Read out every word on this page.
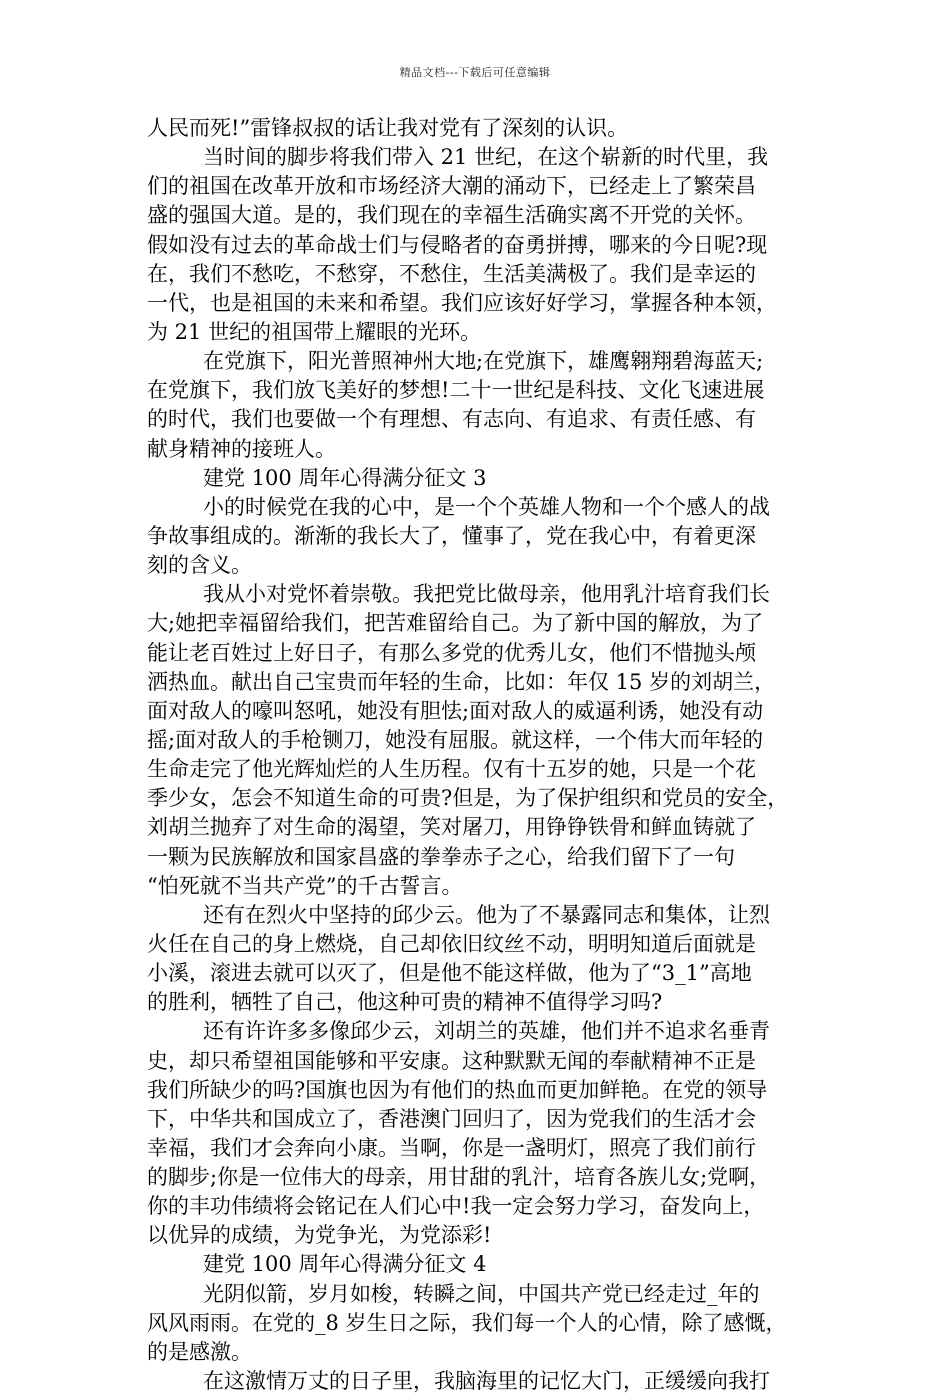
精品文档---下载后可任意编辑
人民而死!”雷锋叔叔的话让我对党有了深刻的认识。
当时间的脚步将我们带入 21 世纪，在这个崭新的时代里，我
们的祖国在改革开放和市场经济大潮的涌动下，已经走上了繁荣昌
盛的强国大道。是的，我们现在的幸福生活确实离不开党的关怀。
假如没有过去的革命战士们与侵略者的奋勇拼搏，哪来的今日呢?现
在，我们不愁吃，不愁穿，不愁住，生活美满极了。我们是幸运的
一代，也是祖国的未来和希望。我们应该好好学习，掌握各种本领，
为 21 世纪的祖国带上耀眼的光环。
在党旗下，阳光普照神州大地;在党旗下，雄鹰翱翔碧海蓝天;
在党旗下，我们放飞美好的梦想!二十一世纪是科技、文化飞速进展
的时代，我们也要做一个有理想、有志向、有追求、有责任感、有
献身精神的接班人。
建党 100 周年心得满分征文 3
小的时候党在我的心中，是一个个英雄人物和一个个感人的战
争故事组成的。渐渐的我长大了，懂事了，党在我心中，有着更深
刻的含义。
我从小对党怀着崇敬。我把党比做母亲，他用乳汁培育我们长
大;她把幸福留给我们，把苦难留给自己。为了新中国的解放，为了
能让老百姓过上好日子，有那么多党的优秀儿女，他们不惜抛头颅
洒热血。献出自己宝贵而年轻的生命，比如：年仅 15 岁的刘胡兰，
面对敌人的嚎叫怒吼，她没有胆怯;面对敌人的威逼利诱，她没有动
摇;面对敌人的手枪铡刀，她没有屈服。就这样，一个伟大而年轻的
生命走完了他光辉灿烂的人生历程。仅有十五岁的她，只是一个花
季少女，怎会不知道生命的可贵?但是，为了保护组织和党员的安全，
刘胡兰抛弃了对生命的渴望，笑对屠刀，用铮铮铁骨和鲜血铸就了
一颗为民族解放和国家昌盛的拳拳赤子之心，给我们留下了一句
“怕死就不当共产党”的千古誓言。
还有在烈火中坚持的邱少云。他为了不暴露同志和集体，让烈
火任在自己的身上燃烧，自己却依旧纹丝不动，明明知道后面就是
小溪，滚进去就可以灭了，但是他不能这样做，他为了“3_1”高地
的胜利，牺牲了自己，他这种可贵的精神不值得学习吗?
还有许许多多像邱少云，刘胡兰的英雄，他们并不追求名垂青
史，却只希望祖国能够和平安康。这种默默无闻的奉献精神不正是
我们所缺少的吗?国旗也因为有他们的热血而更加鲜艳。在党的领导
下，中华共和国成立了，香港澳门回归了，因为党我们的生活才会
幸福，我们才会奔向小康。当啊，你是一盏明灯，照亮了我们前行
的脚步;你是一位伟大的母亲，用甘甜的乳汁，培育各族儿女;党啊，
你的丰功伟绩将会铭记在人们心中!我一定会努力学习，奋发向上，
以优异的成绩，为党争光，为党添彩!
建党 100 周年心得满分征文 4
光阴似箭，岁月如梭，转瞬之间，中国共产党已经走过_年的
风风雨雨。在党的_8 岁生日之际，我们每一个人的心情，除了感慨，
的是感激。
在这激情万丈的日子里，我脑海里的记忆大门，正缓缓向我打
